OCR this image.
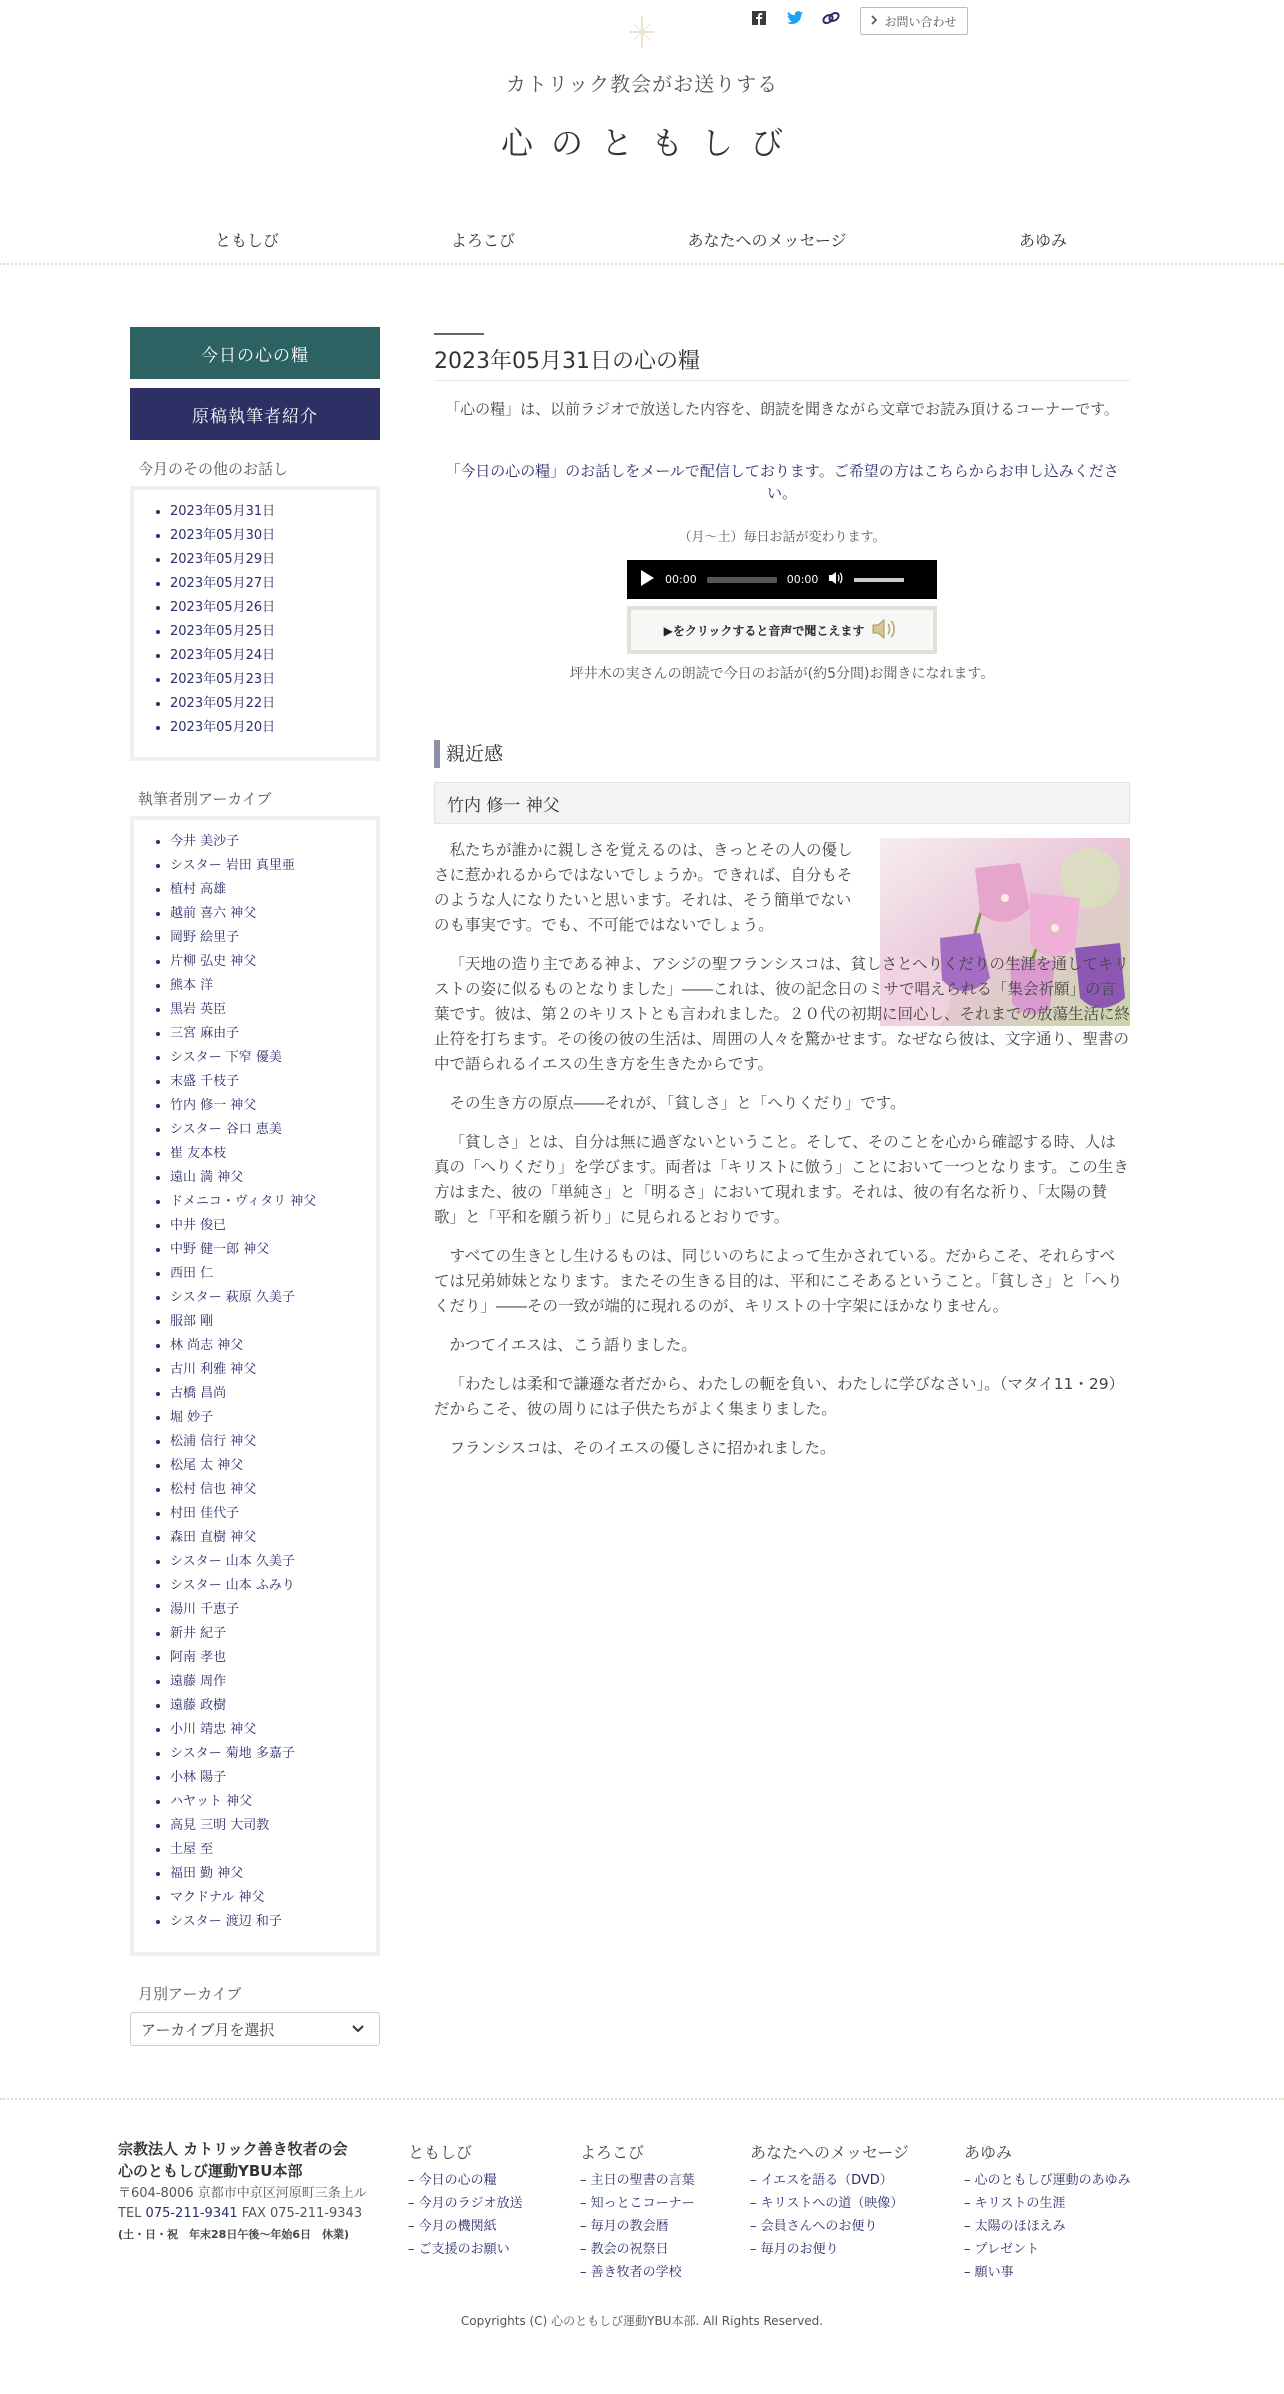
お問い合わせ
カトリック教会がお送りする
心のともしび
ともしび	よろこび	あなたへのメッセージ	あゆみ
今日の心の糧
原稿執筆者紹介
今月のその他のお話し
• 2023年05月31日
• 2023年05月30日
• 2023年05月29日
• 2023年05月27日
• 2023年05月26日
• 2023年05月25日
• 2023年05月24日
• 2023年05月23日
• 2023年05月22日
• 2023年05月20日
執筆者別アーカイブ
• 今井 美沙子
• シスター 岩田 真里亜
• 植村 高雄
• 越前 喜六 神父
• 岡野 絵里子
• 片柳 弘史 神父
• 熊本 洋
• 黒岩 英臣
• 三宮 麻由子
• シスター 下窄 優美
• 末盛 千枝子
• 竹内 修一 神父
• シスター 谷口 恵美
• 崔 友本枝
• 遠山 満 神父
• ドメニコ・ヴィタリ 神父
• 中井 俊已
• 中野 健一郎 神父
• 西田 仁
• シスター 萩原 久美子
• 服部 剛
• 林 尚志 神父
• 古川 利雅 神父
• 古橋 昌尚
• 堀 妙子
• 松浦 信行 神父
• 松尾 太 神父
• 松村 信也 神父
• 村田 佳代子
• 森田 直樹 神父
• シスター 山本 久美子
• シスター 山本 ふみり
• 湯川 千恵子
• 新井 紀子
• 阿南 孝也
• 遠藤 周作
• 遠藤 政樹
• 小川 靖忠 神父
• シスター 菊地 多嘉子
• 小林 陽子
• ハヤット 神父
• 高見 三明 大司教
• 土屋 至
• 福田 勤 神父
• マクドナル 神父
• シスター 渡辺 和子
月別アーカイブ
アーカイブ月を選択
2023年05月31日の心の糧
「心の糧」は、以前ラジオで放送した内容を、朗読を聞きながら文章でお読み頂けるコーナーです。
「今日の心の糧」のお話しをメールで配信しております。ご希望の方はこちらからお申し込みください。
（月～土）毎日お話が変わります。
00:00	00:00
▶をクリックすると音声で聞こえます
坪井木の実さんの朗読で今日のお話が(約5分間)お聞きになれます。
親近感
竹内 修一 神父

私たちが誰かに親しさを覚えるのは、きっとその人の優しさに惹かれるからではないでしょうか。できれば、自分もそのような人になりたいと思います。それは、そう簡単でないのも事実です。でも、不可能ではないでしょう。

「天地の造り主である神よ、アシジの聖フランシスコは、貧しさとへりくだりの生涯を通してキリストの姿に似るものとなりました」――これは、彼の記念日のミサで唱えられる「集会祈願」の言葉です。彼は、第２のキリストとも言われました。２０代の初期に回心し、それまでの放蕩生活に終止符を打ちます。その後の彼の生活は、周囲の人々を驚かせます。なぜなら彼は、文字通り、聖書の中で語られるイエスの生き方を生きたからです。

その生き方の原点――それが、「貧しさ」と「へりくだり」です。

「貧しさ」とは、自分は無に過ぎないということ。そして、そのことを心から確認する時、人は真の「へりくだり」を学びます。両者は「キリストに倣う」ことにおいて一つとなります。この生き方はまた、彼の「単純さ」と「明るさ」において現れます。それは、彼の有名な祈り、「太陽の賛歌」と「平和を願う祈り」に見られるとおりです。

すべての生きとし生けるものは、同じいのちによって生かされている。だからこそ、それらすべては兄弟姉妹となります。またその生きる目的は、平和にこそあるということ。「貧しさ」と「へりくだり」――その一致が端的に現れるのが、キリストの十字架にほかなりません。

かつてイエスは、こう語りました。

「わたしは柔和で謙遜な者だから、わたしの軛を負い、わたしに学びなさい」。（マタイ11・29）だからこそ、彼の周りには子供たちがよく集まりました。

フランシスコは、そのイエスの優しさに招かれました。

宗教法人 カトリック善き牧者の会
心のともしび運動YBU本部
〒604-8006 京都市中京区河原町三条上ル
TEL 075-211-9341 FAX 075-211-9343
(土・日・祝　年末28日午後～年始6日　休業)
ともしび
– 今日の心の糧
– 今月のラジオ放送
– 今月の機関紙
– ご支援のお願い
よろこび
– 主日の聖書の言葉
– 知っとこコーナー
– 毎月の教会暦
– 教会の祝祭日
– 善き牧者の学校
あなたへのメッセージ
– イエスを語る（DVD）
– キリストへの道（映像）
– 会員さんへのお便り
– 毎月のお便り
あゆみ
– 心のともしび運動のあゆみ
– キリストの生涯
– 太陽のほほえみ
– プレゼント
– 願い事
Copyrights (C) 心のともしび運動YBU本部. All Rights Reserved.
